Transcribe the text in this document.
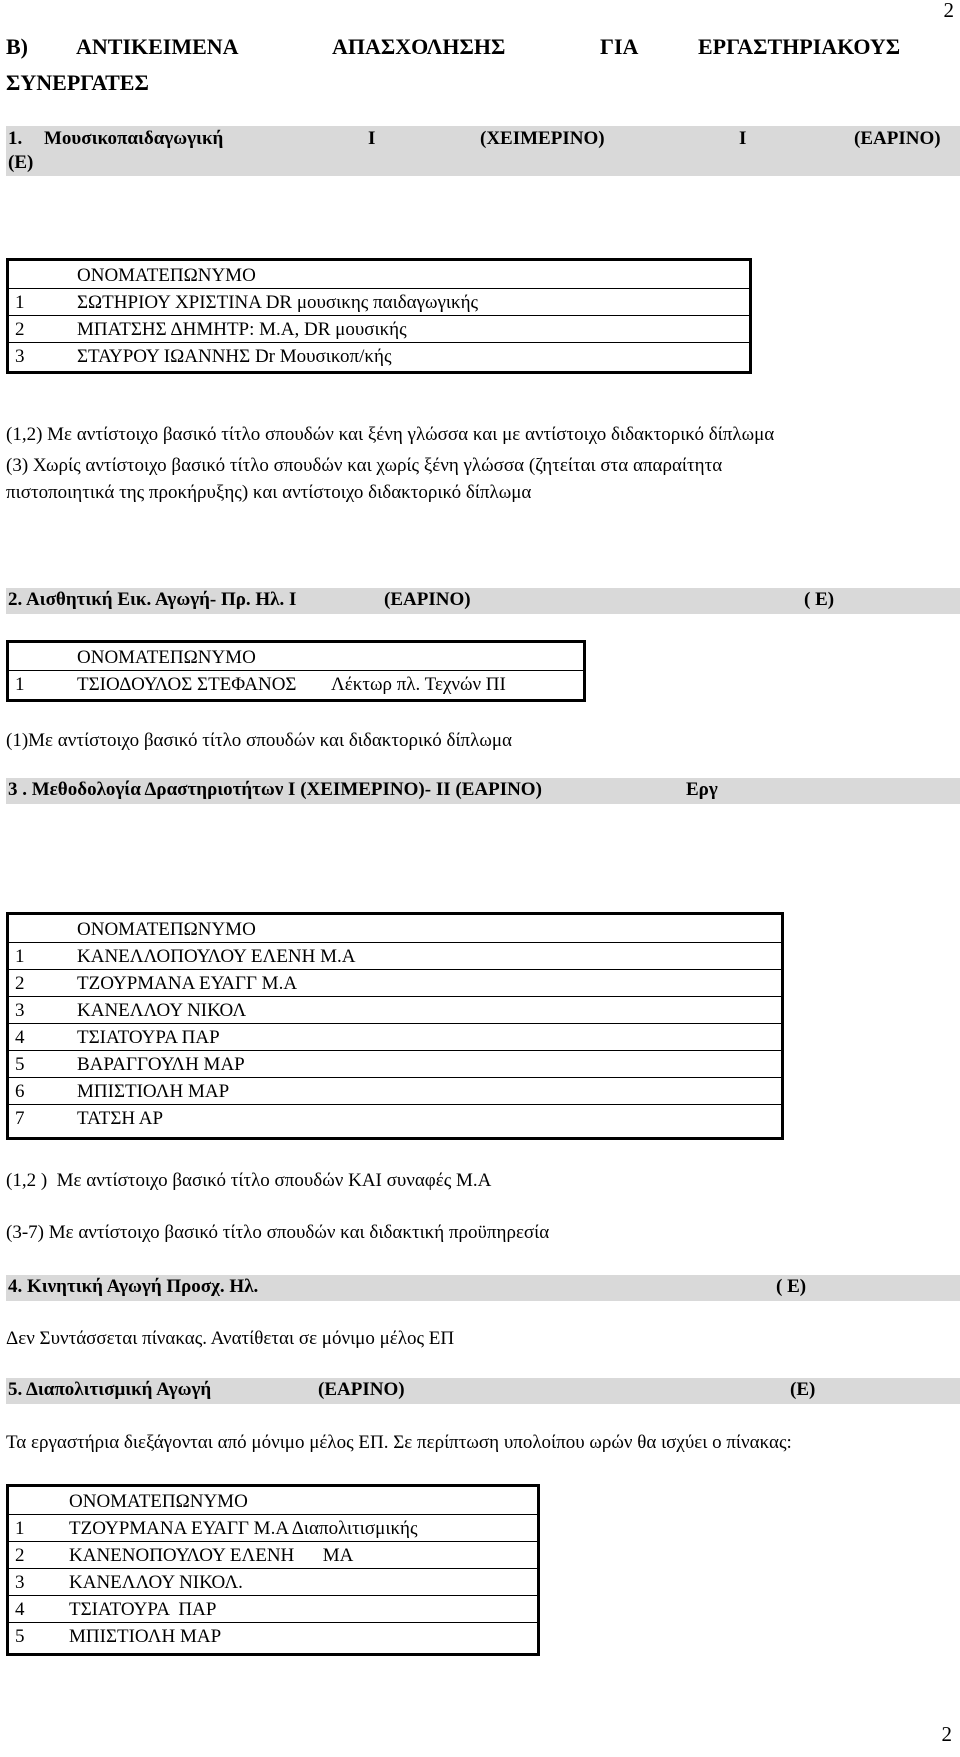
2
B) ΑΝΤΙΚΕΙΜΕΝΑ	ΑΠΑΣΧΟΛΗΣΗΣ	ΓΙΑ	ΕΡΓΑΣΤΗΡΙΑΚΟΥΣ
ΣΥΝΕΡΓΑΤΕΣ
1. Μουσικοπαιδαγωγική	Ι	(ΧΕΙΜΕΡΙΝΟ)	Ι	(ΕΑΡΙΝΟ)
(Ε)
	ΟΝΟΜΑΤΕΠΩΝΥΜΟ
1	ΣΩΤΗΡΙΟΥ ΧΡΙΣΤΙΝΑ DR μουσικης παιδαγωγικής
2	ΜΠΑΤΣΗΣ ΔΗΜΗΤΡ: Μ.Α, DR μουσικής
3	ΣΤΑΥΡΟΥ ΙΩΑΝΝΗΣ Dr Μουσικοπ/κής
(1,2) Με αντίστοιχο βασικό τίτλο σπουδών και ξένη γλώσσα και με αντίστοιχο διδακτορικό δίπλωμα
(3) Χωρίς αντίστοιχο βασικό τίτλο σπουδών και χωρίς ξένη γλώσσα (ζητείται στα απαραίτητα
πιστοποιητικά της προκήρυξης) και αντίστοιχο διδακτορικό δίπλωμα
2. Αισθητική Εικ. Αγωγή- Πρ. Ηλ. Ι	(ΕΑΡΙΝΟ)	( Ε)
	ΟΝΟΜΑΤΕΠΩΝΥΜΟ	
1	ΤΣΙΟΔΟΥΛΟΣ ΣΤΕΦΑΝΟΣ	Λέκτωρ πλ. Τεχνών ΠΙ
(1)Με αντίστοιχο βασικό τίτλο σπουδών και διδακτορικό δίπλωμα
3 . Μεθοδολογία Δραστηριοτήτων Ι (ΧΕΙΜΕΡΙΝΟ)- ΙΙ (ΕΑΡΙΝΟ)	Εργ
	ΟΝΟΜΑΤΕΠΩΝΥΜΟ
1	ΚΑΝΕΛΛΟΠΟΥΛΟΥ ΕΛΕΝΗ Μ.Α
2	ΤΖΟΥΡΜΑΝΑ ΕΥΑΓΓ Μ.Α
3	ΚΑΝΕΛΛΟΥ ΝΙΚΟΛ
4	ΤΣΙΑΤΟΥΡΑ ΠΑΡ
5	ΒΑΡΑΓΓΟΥΛΗ ΜΑΡ
6	ΜΠΙΣΤΙΟΛΗ ΜΑΡ
7	ΤΑΤΣΗ ΑΡ
(1,2 )  Με αντίστοιχο βασικό τίτλο σπουδών ΚΑΙ συναφές Μ.Α
(3-7) Με αντίστοιχο βασικό τίτλο σπουδών και διδακτική προϋπηρεσία
4. Κινητική Αγωγή Προσχ. Ηλ.	( Ε)
Δεν Συντάσσεται πίνακας. Ανατίθεται σε μόνιμο μέλος ΕΠ
5. Διαπολιτισμική Αγωγή	(ΕΑΡΙΝΟ)	(Ε)
Τα εργαστήρια διεξάγονται από μόνιμο μέλος ΕΠ. Σε περίπτωση υπολοίπου ωρών θα ισχύει ο πίνακας:
	ΟΝΟΜΑΤΕΠΩΝΥΜΟ
1	ΤΖΟΥΡΜΑΝΑ ΕΥΑΓΓ Μ.Α Διαπολιτισμικής
2	ΚΑΝΕΝΟΠΟΥΛΟΥ ΕΛΕΝΗ      ΜΑ
3	ΚΑΝΕΛΛΟΥ ΝΙΚΟΛ.
4	ΤΣΙΑΤΟΥΡΑ  ΠΑΡ
5	ΜΠΙΣΤΙΟΛΗ ΜΑΡ
2
